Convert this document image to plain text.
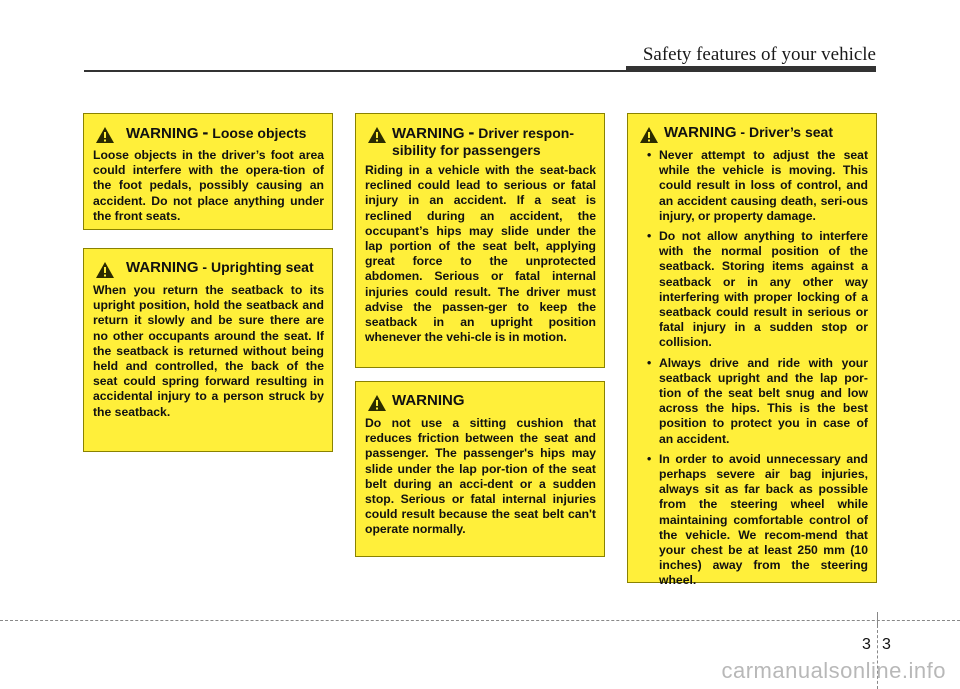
Safety features of your vehicle
WARNING - Loose objects
Loose objects in the driver’s foot area could interfere with the opera-tion of the foot pedals, possibly causing an accident. Do not place anything under the front seats.
WARNING - Uprighting seat
When you return the seatback to its upright position, hold the seatback and return it slowly and be sure there are no other occupants around the seat. If the seatback is returned without being held and controlled, the back of the seat could spring forward resulting in accidental injury to a person struck by the seatback.
WARNING - Driver respon-sibility for passengers
Riding in a vehicle with the seat-back reclined could lead to serious or fatal injury in an accident. If a seat is reclined during an accident, the occupant’s hips may slide under the lap portion of the seat belt, applying great force to the unprotected abdomen. Serious or fatal internal injuries could result. The driver must advise the passen-ger to keep the seatback in an upright position whenever the vehi-cle is in motion.
WARNING
Do not use a sitting cushion that reduces friction between the seat and passenger. The passenger's hips may slide under the lap por-tion of the seat belt during an acci-dent or a sudden stop. Serious or fatal internal injuries could result because the seat belt can't operate normally.
WARNING - Driver’s seat
• Never attempt to adjust the seat while the vehicle is moving. This could result in loss of control, and an accident causing death, seri-ous injury, or property damage.
• Do not allow anything to interfere with the normal position of the seatback. Storing items against a seatback or in any other way interfering with proper locking of a seatback could result in serious or fatal injury in a sudden stop or collision.
• Always drive and ride with your seatback upright and the lap por-tion of the seat belt snug and low across the hips. This is the best position to protect you in case of an accident.
• In order to avoid unnecessary and perhaps severe air bag injuries, always sit as far back as possible from the steering wheel while maintaining comfortable control of the vehicle. We recom-mend that your chest be at least 250 mm (10 inches) away from the steering wheel.
3 3
carmanualsonline.info
